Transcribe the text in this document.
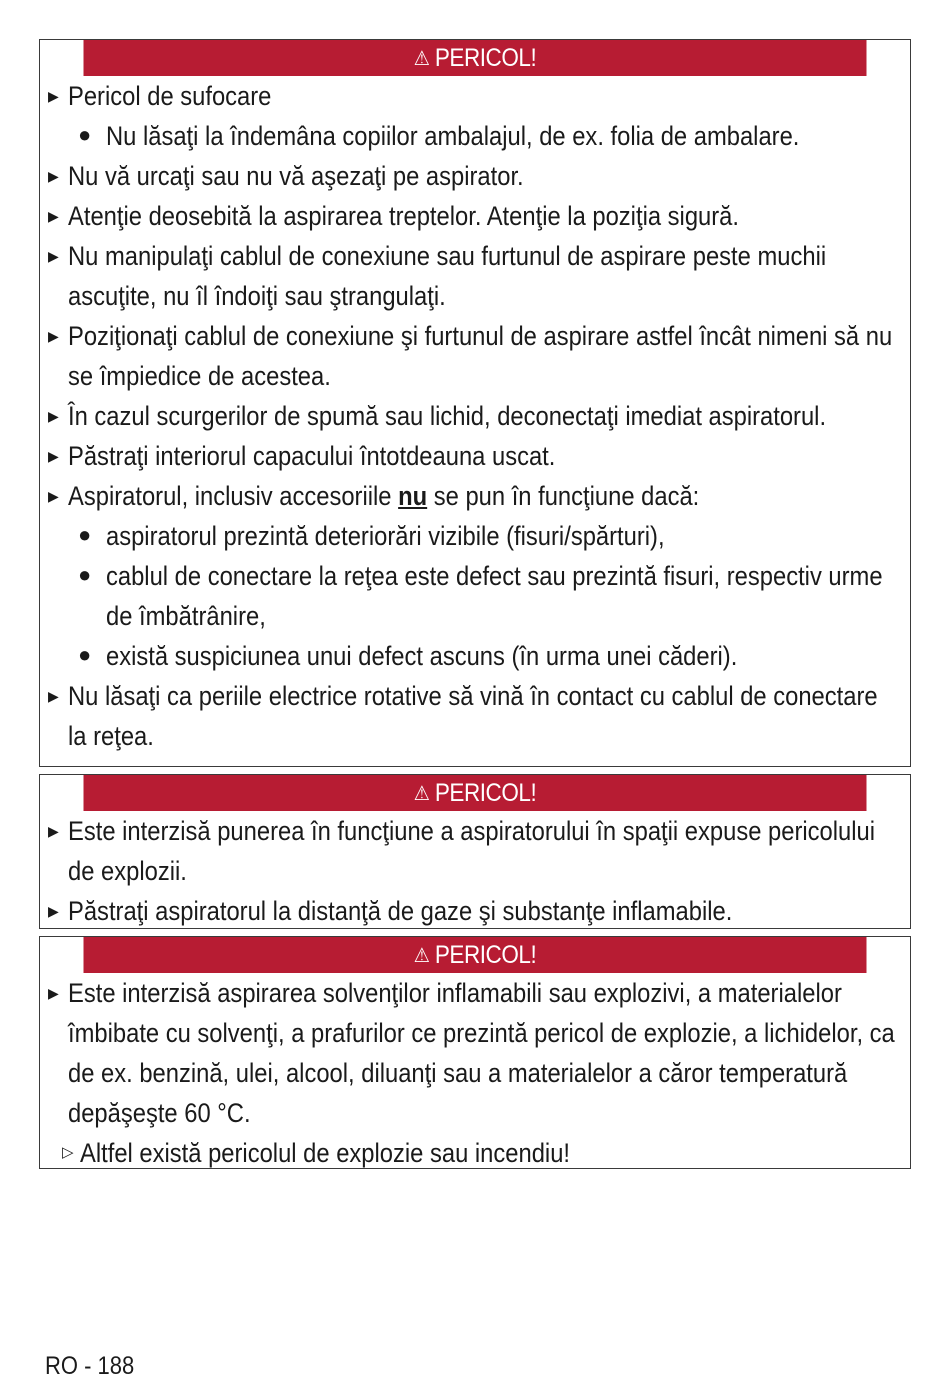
⚠ PERICOL!
▶ Pericol de sufocare
● Nu lăsaţi la îndemâna copiilor ambalajul, de ex. folia de ambalare.
▶ Nu vă urcaţi sau nu vă aşezaţi pe aspirator.
▶ Atenţie deosebită la aspirarea treptelor. Atenţie la poziţia sigură.
▶ Nu manipulaţi cablul de conexiune sau furtunul de aspirare peste muchii ascuţite, nu îl îndoiţi sau ştrangulaţi.
▶ Poziţionaţi cablul de conexiune şi furtunul de aspirare astfel încât nimeni să nu se împiedice de acestea.
▶ În cazul scurgerilor de spumă sau lichid, deconectaţi imediat aspiratorul.
▶ Păstraţi interiorul capacului întotdeauna uscat.
▶ Aspiratorul, inclusiv accesoriile nu se pun în funcţiune dacă:
● aspiratorul prezintă deteriorări vizibile (fisuri/spărturi),
● cablul de conectare la reţea este defect sau prezintă fisuri, respectiv urme de îmbătrânire,
● există suspiciunea unui defect ascuns (în urma unei căderi).
▶ Nu lăsaţi ca periile electrice rotative să vină în contact cu cablul de conectare la reţea.
⚠ PERICOL!
▶ Este interzisă punerea în funcţiune a aspiratorului în spaţii expuse pericolului de explozii.
▶ Păstraţi aspiratorul la distanţă de gaze şi substanţe inflamabile.
⚠ PERICOL!
▶ Este interzisă aspirarea solvenţilor inflamabili sau explozivi, a materialelor îmbibate cu solvenţi, a prafurilor ce prezintă pericol de explozie, a lichidelor, ca de ex. benzină, ulei, alcool, diluanţi sau a materialelor a căror temperatură depăşeşte 60 °C.
▷ Altfel există pericolul de explozie sau incendiu!
RO - 188
